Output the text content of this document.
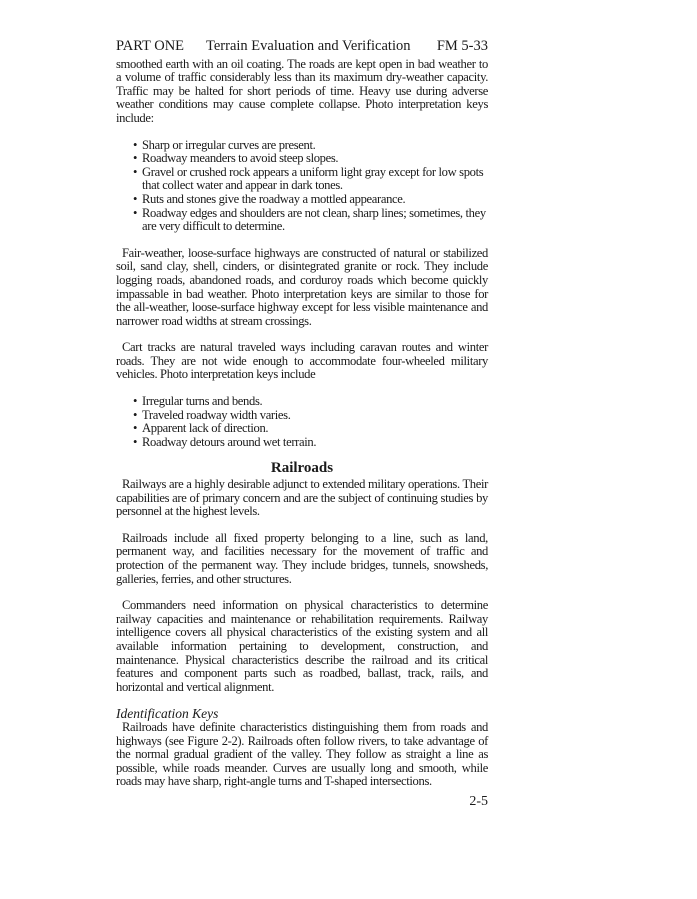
PART ONE Terrain Evaluation and Verification FM 5-33

smoothed earth with an oil coating. The roads are kept open in bad weather to a volume of traffic considerably less than its maximum dry-weather capacity. Traffic may be halted for short periods of time. Heavy use during adverse weather conditions may cause complete collapse. Photo interpretation keys include:

• Sharp or irregular curves are present.
• Roadway meanders to avoid steep slopes.
• Gravel or crushed rock appears a uniform light gray except for low spots that collect water and appear in dark tones.
• Ruts and stones give the roadway a mottled appearance.
• Roadway edges and shoulders are not clean, sharp lines; sometimes, they are very difficult to determine.

Fair-weather, loose-surface highways are constructed of natural or stabilized soil, sand clay, shell, cinders, or disintegrated granite or rock. They include logging roads, abandoned roads, and corduroy roads which become quickly impassable in bad weather. Photo interpretation keys are similar to those for the all-weather, loose-surface highway except for less visible maintenance and narrower road widths at stream crossings.

Cart tracks are natural traveled ways including caravan routes and winter roads. They are not wide enough to accommodate four-wheeled military vehicles. Photo interpretation keys include

• Irregular turns and bends.
• Traveled roadway width varies.
• Apparent lack of direction.
• Roadway detours around wet terrain.
Railroads

Railways are a highly desirable adjunct to extended military operations. Their capabilities are of primary concern and are the subject of continuing studies by personnel at the highest levels.

Railroads include all fixed property belonging to a line, such as land, permanent way, and facilities necessary for the movement of traffic and protection of the permanent way. They include bridges, tunnels, snowsheds, galleries, ferries, and other structures.

Commanders need information on physical characteristics to determine railway capacities and maintenance or rehabilitation requirements. Railway intelligence covers all physical characteristics of the existing system and all available information pertaining to development, construction, and maintenance. Physical characteristics describe the railroad and its critical features and component parts such as roadbed, ballast, track, rails, and horizontal and vertical alignment.

Identification Keys

Railroads have definite characteristics distinguishing them from roads and highways (see Figure 2-2). Railroads often follow rivers, to take advantage of the normal gradual gradient of the valley. They follow as straight a line as possible, while roads meander. Curves are usually long and smooth, while roads may have sharp, right-angle turns and T-shaped intersections.

2-5
